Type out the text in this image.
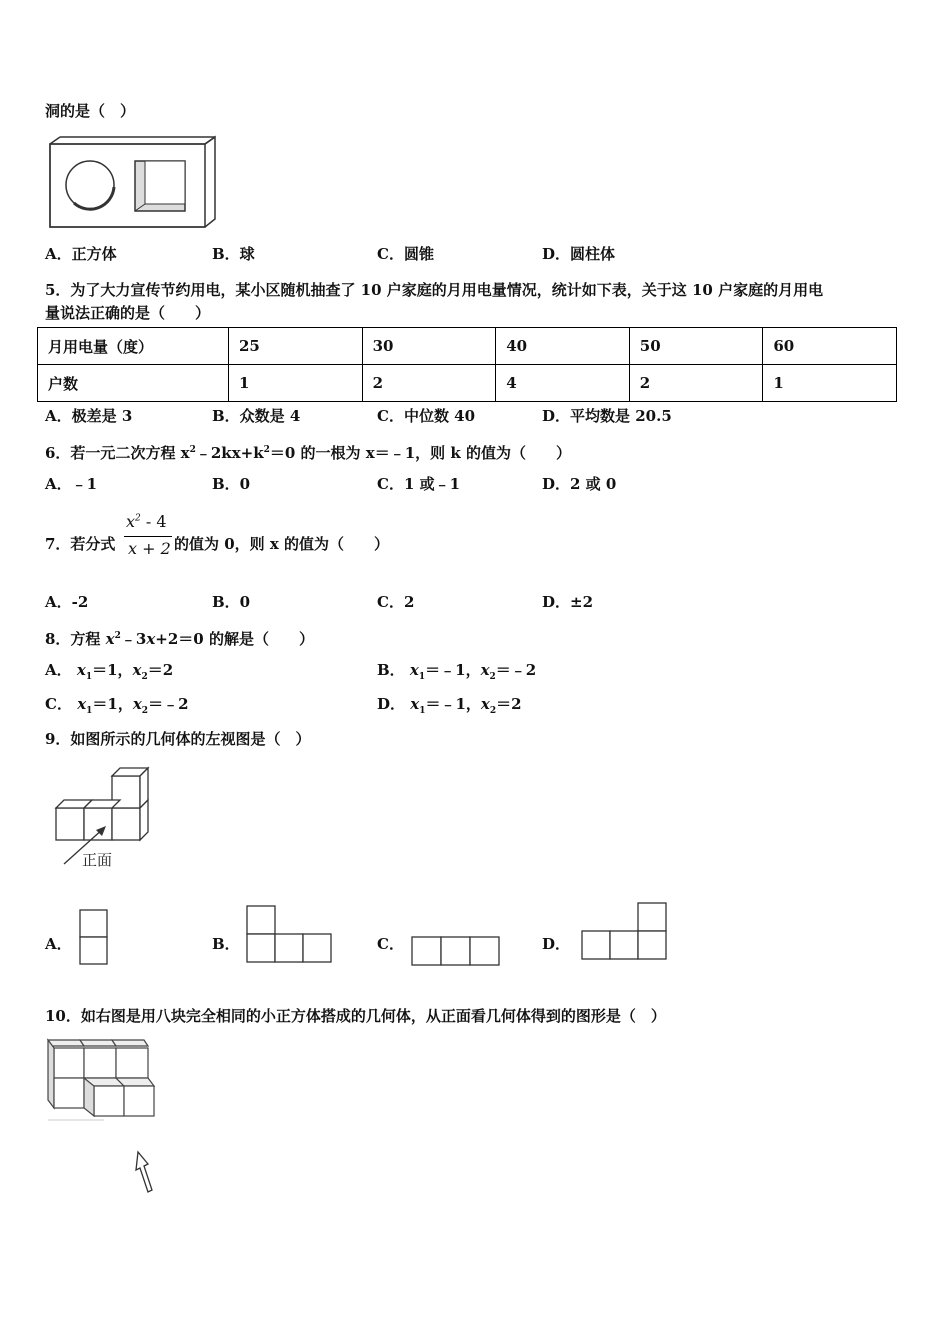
洞的是（　）
A．正方体	B．球	C．圆锥	D．圆柱体
5．为了大力宣传节约用电，某小区随机抽查了 10 户家庭的月用电量情况，统计如下表，关于这 10 户家庭的月用电
量说法正确的是（　　）
月用电量（度）	25	30	40	50	60
户数	1	2	4	2	1
A．极差是 3	B．众数是 4	C．中位数 40	D．平均数是 20.5
6．若一元二次方程 $x^2﹣2kx+k^2=0$ 的一根为 x＝﹣1，则 k 的值为（　　）
A．﹣1	B．0	C．1 或﹣1	D．2 或 0
7．若分式
$x^2 - 4$
x + 2 的值为 0，则 x 的值为（　　）
A．-2	B．0	C．2	D．±2
8．方程 $x^2﹣3x+2=0$ 的解是（　　）
A． $x_1=1$，$x_2=2$	B． $x_1=﹣1$，$x_2=﹣2$
C． $x_1=1$，$x_2=﹣2$	D． $x_1=﹣1$，$x_2=2$
9．如图所示的几何体的左视图是（　）
正面
A．	B．	C．	D．
10．如右图是用八块完全相同的小正方体搭成的几何体，从正面看几何体得到的图形是（　）
